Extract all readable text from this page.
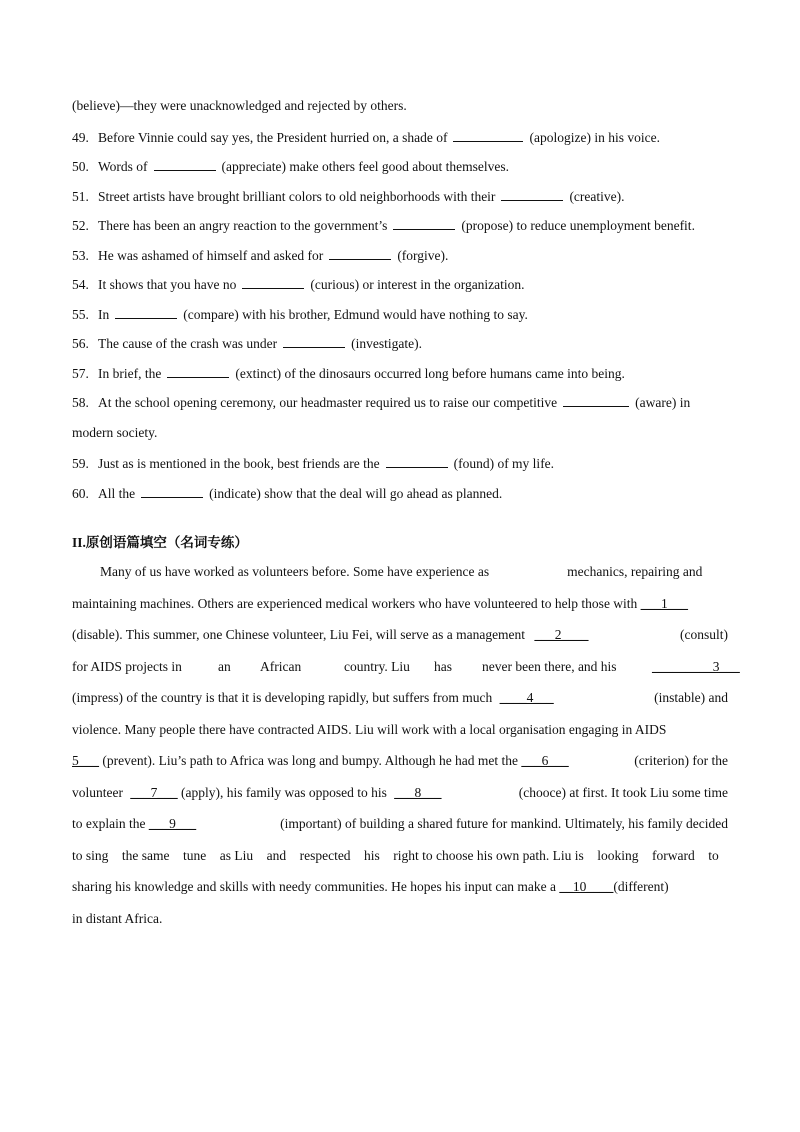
(believe)—they were unacknowledged and rejected by others.
49. Before Vinnie could say yes, the President hurried on, a shade of	(apologize) in his voice.
50. Words of	(appreciate) make others feel good about themselves.
51. Street artists have brought brilliant colors to old neighborhoods with their	(creative).
52. There has been an angry reaction to the government’s	(propose) to reduce unemployment benefit.
53. He was ashamed of himself and asked for	(forgive).
54. It shows that you have no	(curious) or interest in the organization.
55. In	(compare) with his brother, Edmund would have nothing to say.
56. The cause of the crash was under	(investigate).
57. In brief, the	(extinct) of the dinosaurs occurred long before humans came into being.
58. At the school opening ceremony, our headmaster required us to raise our competitive	(aware) in
modern society.
59. Just as is mentioned in the book, best friends are the	(found) of my life.
60. All the	(indicate) show that the deal will go ahead as planned.
II.原创语篇填空（名词专练）
Many of us have worked as volunteers before. Some have experience as	mechanics, repairing and
maintaining machines. Others are experienced medical workers who have volunteered to help those with ___1___
(disable). This summer, one Chinese volunteer, Liu Fei, will serve as a management ___2____	(consult)
for AIDS projects in	an African	country. Liu has never been there, and his	_________3___
(impress) of the country is that it is developing rapidly, but suffers from much ____4___	(instable) and
violence. Many people there have contracted AIDS. Liu will work with a local organisation engaging in AIDS
5___ (prevent). Liu’s path to Africa was long and bumpy. Although he had met the ___6___	(criterion) for the
volunteer ___7___ (apply), his family was opposed to his ___8___	(chooce) at first. It took Liu some time
to explain the ___9___	(important) of building a shared future for mankind. Ultimately, his family decided
to sing    the same    tune    as Liu    and    respected    his    right to choose his own path. Liu is    looking    forward    to
sharing his knowledge and skills with needy communities. He hopes his input can make a __10____(different)
in distant Africa.
